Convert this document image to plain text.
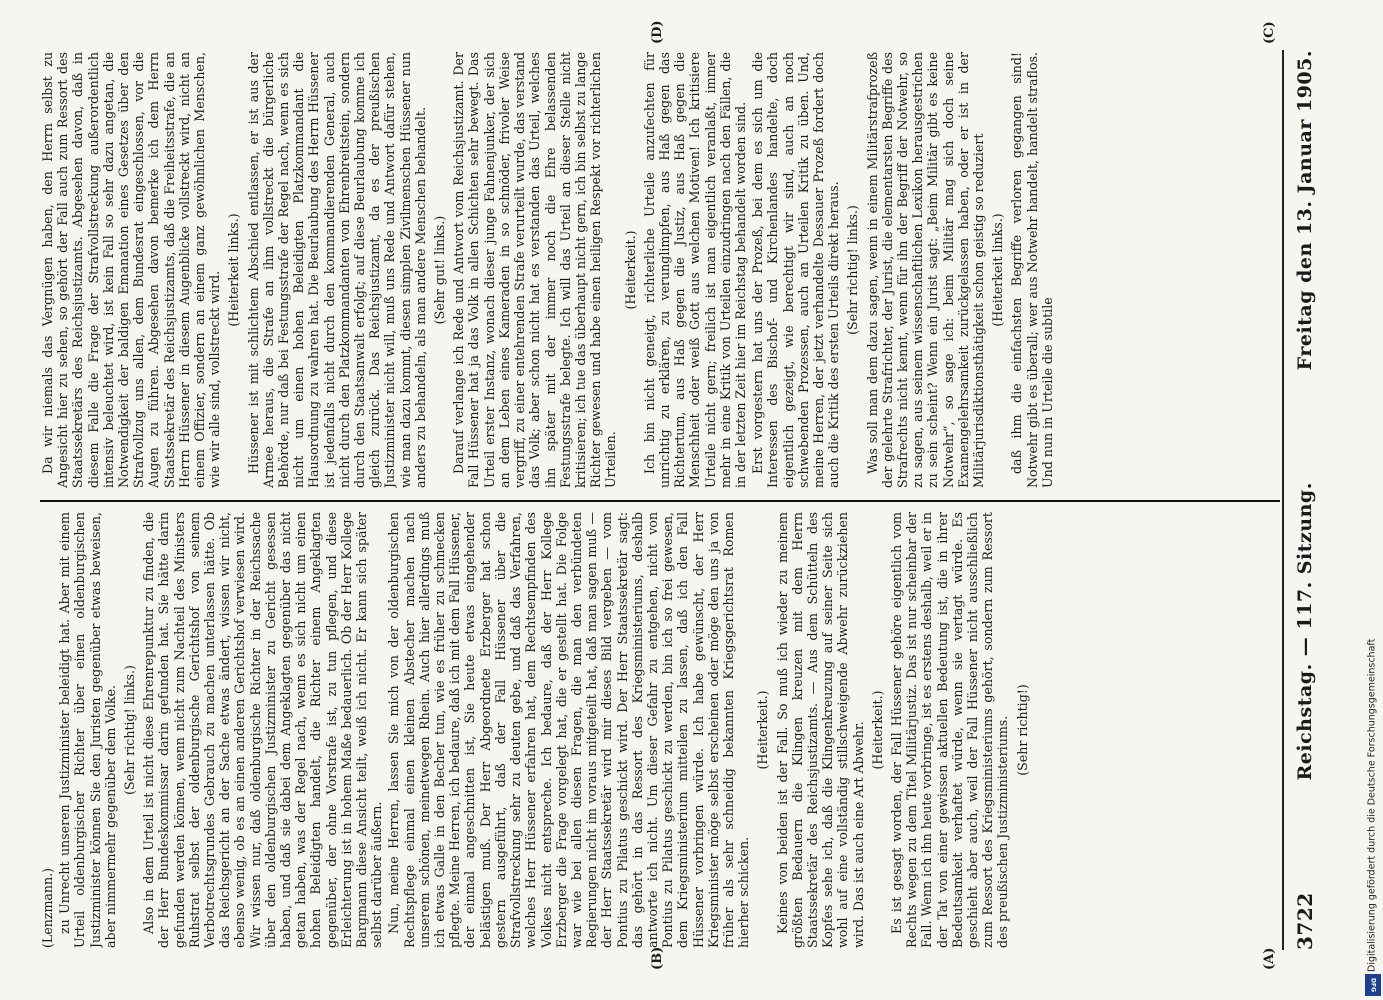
3722
Reichstag. — 117. Sitzung.
Freitag den 13. Januar 1905.
(A)
(B)
(C)
(D)

(Lenzmann.) zu Unrecht unseren Justizminister beleidigt hat. Aber mit einem Urteil oldenburgischer Richter über einen oldenburgischen Justizminister können Sie den Juristen gegenüber etwas beweisen, aber nimmermehr gegenüber dem Volke. (Sehr richtig! links.) Also in dem Urteil ist nicht diese Ehrenrepunktur zu finden, die der Herr Bundeskommissar darin gefunden hat. Sie hätte darin gefunden werden können, wenn nicht zum Nachteil des Ministers Ruhstrat selbst der oldenburgische Gerichtshof von seinem Verbotrechtsgrundes Gebrauch zu machen unterlassen hätte. Ob das Reichsgericht an der Sache etwas ändert, wissen wir nicht, ebenso wenig, ob es an einen anderen Gerichtshof verwiesen wird. Wir wissen nur, daß oldenburgische Richter in der Reichssache über den oldenburgischen Justizminister zu Gericht gesessen haben, und daß sie dabei dem Angeklagten gegenüber das nicht getan haben, was der Regel nach, wenn es sich nicht um einen hohen Beleidigten handelt, die Richter einem Angeklagten gegenüber, der ohne Vorstrafe ist, zu tun pflegen, und diese Erleichterung ist in hohem Maße bedauerlich. Ob der Herr Kollege Bargmann diese Ansicht teilt, weiß ich nicht. Er kann sich später selbst darüber äußern. Nun, meine Herren, lassen Sie mich von der oldenburgischen Rechtspflege einmal einen kleinen Abstecher machen nach unserem schönen, meinetwegen Rhein. Auch hier allerdings muß ich etwas Galle in den Becher tun, wie es früher zu schmecken pflegte. Meine Herren, ich bedaure, daß ich mit dem Fall Hüssener, der einmal angeschnitten ist, Sie heute etwas eingehender belästigen muß. Der Herr Abgeordnete Erzberger hat schon gestern ausgeführt, daß der Fall Hüssener über die Strafvollstreckung sehr zu deuten gebe, und daß das Verfahren, welches Herr Hüssener erfahren hat, dem Rechtsempfinden des Volkes nicht entspreche. Ich bedaure, daß der Herr Kollege Erzberger die Frage vorgelegt hat, die er gestellt hat. Die Folge war wie bei allen diesen Fragen, die man den verbündeten Regierungen nicht im voraus mitgeteilt hat, daß man sagen muß — der Herr Staatssekretär wird mir dieses Bild vergeben — vom Pontius zu Pilatus geschickt wird. Der Herr Staatssekretär sagt: das gehört in das Ressort des Kriegsministeriums, deshalb antworte ich nicht. Um dieser Gefahr zu entgehen, nicht von Pontius zu Pilatus geschickt zu werden, bin ich so frei gewesen, dem Kriegsministerium mitteilen zu lassen, daß ich den Fall Hüssener vorbringen würde. Ich habe gewünscht, der Herr Kriegsminister möge selbst erscheinen oder möge den uns ja von früher als sehr schneidig bekannten Kriegsgerichtsrat Romen hierher schicken.

(Heiterkeit.) Keines von beiden ist der Fall. So muß ich wieder zu meinem größten Bedauern die Klingen kreuzen mit dem Herrn Staatssekretär des Reichsjustizamts. — Aus dem Schütteln des Kopfes sehe ich, daß die Klingenkreuzung auf seiner Seite sich wohl auf eine vollständig stillschweigende Abwehr zurückziehen wird. Das ist auch eine Art Abwehr. (Heiterkeit.) Es ist gesagt worden, der Fall Hüssener gehöre eigentlich vom Rechts wegen zu dem Titel Militärjustiz. Das ist nur scheinbar der Fall. Wenn ich ihn heute vorbringe, ist es erstens deshalb, weil er in der Tat von einer gewissen aktuellen Bedeutung ist, die in ihrer Bedeutsamkeit verhaftet würde, wenn sie vertagt würde. Es geschieht aber auch, weil der Fall Hüssener nicht ausschließlich zum Ressort des Kriegsministeriums gehört, sondern zum Ressort des preußischen Justizministeriums. (Sehr richtig!)

Da wir niemals das Vergnügen haben, den Herrn selbst zu Angesicht hier zu sehen, so gehört der Fall auch zum Ressort des Staatssekretärs des Reichsjustizamts. Abgesehen davon, daß in diesem Falle die Frage der Strafvollstreckung außerordentlich intensiv beleuchtet wird, ist kein Fall so sehr dazu angetan, die Notwendigkeit der baldigen Emanation eines Gesetzes über den Strafvollzug uns allen, dem Bundesrat eingeschlossen, vor die Augen zu führen. Abgesehen davon bemerke ich dem Herrn Staatssekretär des Reichsjustizamts, daß die Freiheitsstrafe, die an Herrn Hüssener in diesem Augenblicke vollstreckt wird, nicht an einem Offizier, sondern an einem ganz gewöhnlichen Menschen, wie wir alle sind, vollstreckt wird.

(Heiterkeit links.) Hüssener ist mit schlichtem Abschied entlassen, er ist aus der Armee heraus, die Strafe an ihm vollstreckt die bürgerliche Behörde, nur daß bei Festungsstrafe der Regel nach, wenn es sich nicht um einen hohen Beleidigten Platzkommandant die Hausordnung zu wahren hat. Die Beurlaubung des Herrn Hüssener ist jedenfalls nicht durch den kommandierenden General, auch nicht durch den Platzkommandanten von Ehrenbreitstein, sondern durch den Staatsanwalt erfolgt; auf diese Beurlaubung komme ich gleich zurück. Das Reichsjustizamt, da es der preußischen Justizminister nicht will, muß uns Rede und Antwort dafür stehen, wie man dazu kommt, diesen simplen Zivilmenschen Hüssener nun anders zu behandeln, als man andere Menschen behandelt. (Sehr gut! links.) Darauf verlange ich Rede und Antwort vom Reichsjustizamt. Der Fall Hüssener hat ja das Volk in allen Schichten sehr bewegt. Das Urteil erster Instanz, wonach dieser junge Fahnenjunker, der sich an dem Leben eines Kameraden in so schnöder, frivoler Weise vergriff, zu einer entehrenden Strafe verurteilt wurde, das verstand das Volk; aber schon nicht hat es verstanden das Urteil, welches ihn später mit der immer noch die Ehre belassenden Festungsstrafe belegte. Ich will das Urteil an dieser Stelle nicht kritisieren; ich tue das überhaupt nicht gern, ich bin selbst zu lange Richter gewesen und habe einen heiligen Respekt vor richterlichen Urteilen.

(Heiterkeit.) Ich bin nicht geneigt, richterliche Urteile anzufechten für unrichtig zu erklären, zu verunglimpfen, aus Haß gegen das Richtertum, aus Haß gegen die Justiz, aus Haß gegen die Menschheit oder weiß Gott aus welchen Motiven! Ich kritisiere Urteile nicht gern; freilich ist man eigentlich veranlaßt, immer mehr in eine Kritik von Urteilen einzudringen nach den Fällen, die in der letzten Zeit hier im Reichstag behandelt worden sind. Erst vorgestern hat uns der Prozeß, bei dem es sich um die Interessen des Bischof- und Kirchenlandes handelte, doch eigentlich gezeigt, wie berechtigt wir sind, auch an noch schwebenden Prozessen, auch an Urteilen Kritik zu üben. Und, meine Herren, der jetzt verhandelte Dessauer Prozeß fordert doch auch die Kritik des ersten Urteils direkt heraus. (Sehr richtig! links.) Was soll man dem dazu sagen, wenn in einem Militärstrafprozeß der gelehrte Strafrichter, der Jurist, die elementarsten Begriffe des Strafrechts nicht kennt, wenn für ihn der Begriff der Notwehr, so zu sagen, aus seinem wissenschaftlichen Lexikon herausgestrichen zu sein scheint? Wenn ein Jurist sagt: „Beim Militär gibt es keine Notwehr“, so sage ich: beim Militär mag sich doch seine Examengelehrsamkeit zurückgelassen haben, oder er ist in der Militärjurisdiktionsthätigkeit schon geistig so reduziert (Heiterkeit links.) daß ihm die einfachsten Begriffe verloren gegangen sind! Notwehr gibt es überall; wer aus Notwehr handelt, handelt straflos. Und nun in Urteile die subtile

Digitalisierung gefördert durch die Deutsche Forschungsgemeinschaft
DFG
